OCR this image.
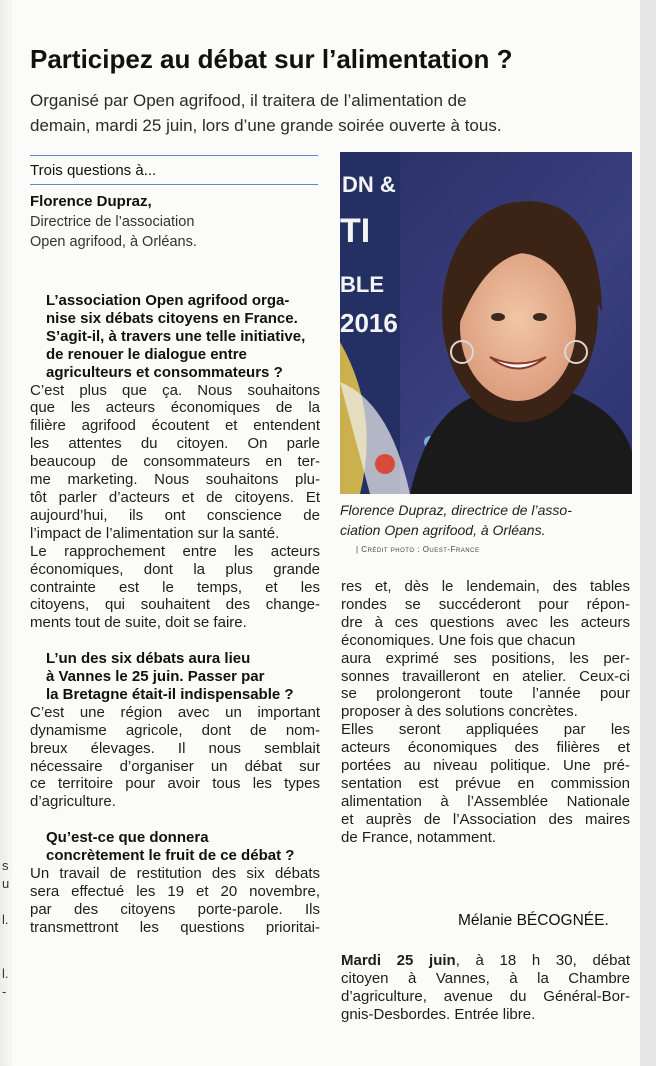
s
u
l.
l.
-
Participez au débat sur l’alimentation ?
Organisé par Open agrifood, il traitera de l’alimentation de
demain, mardi 25 juin, lors d’une grande soirée ouverte à tous.
Trois questions à...
Florence Dupraz,
Directrice de l’association
Open agrifood, à Orléans.
L’association Open agrifood orga-
nise six débats citoyens en France.
S’agit-il, à travers une telle initiative,
de renouer le dialogue entre
agriculteurs et consommateurs ?
C’est plus que ça. Nous souhaitons
que les acteurs économiques de la
filière agrifood écoutent et entendent
les attentes du citoyen. On parle
beaucoup de consommateurs en ter-
me marketing. Nous souhaitons plu-
tôt parler d’acteurs et de citoyens. Et
aujourd’hui, ils ont conscience de
l’impact de l’alimentation sur la santé.
Le rapprochement entre les acteurs
économiques, dont la plus grande
contrainte est le temps, et les
citoyens, qui souhaitent des change-
ments tout de suite, doit se faire.
L’un des six débats aura lieu
à Vannes le 25 juin. Passer par
la Bretagne était-il indispensable ?
C’est une région avec un important
dynamisme agricole, dont de nom-
breux élevages. Il nous semblait
nécessaire d’organiser un débat sur
ce territoire pour avoir tous les types
d’agriculture.
Qu’est-ce que donnera
concrètement le fruit de ce débat ?
Un travail de restitution des six débats
sera effectué les 19 et 20 novembre,
par des citoyens porte-parole. Ils
transmettront les questions prioritai-
DN &
TI
BLE
2016
Florence Dupraz, directrice de l’asso-
ciation Open agrifood, à Orléans.
| Crédit photo : Ouest-France
res et, dès le lendemain, des tables
rondes se succéderont pour répon-
dre à ces questions avec les acteurs
économiques. Une fois que chacun
aura exprimé ses positions, les per-
sonnes travailleront en atelier. Ceux-ci
se prolongeront toute l’année pour
proposer à des solutions concrètes.
Elles seront appliquées par les
acteurs économiques des filières et
portées au niveau politique. Une pré-
sentation est prévue en commission
alimentation à l’Assemblée Nationale
et auprès de l’Association des maires
de France, notamment.
Mélanie BÉCOGNÉE.
Mardi 25 juin, à 18 h 30, débat
citoyen à Vannes, à la Chambre
d’agriculture, avenue du Général-Bor-
gnis-Desbordes. Entrée libre.
